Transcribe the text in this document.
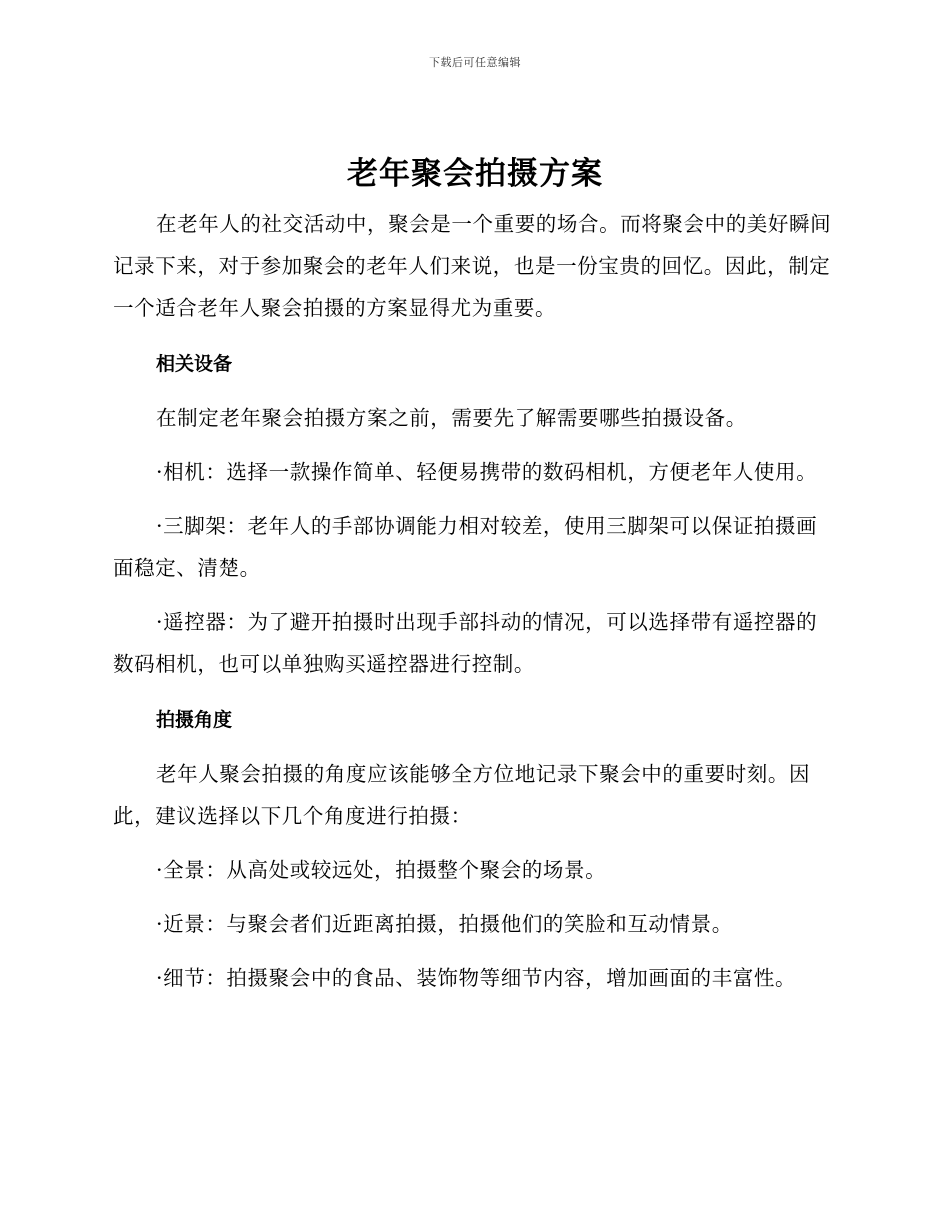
下载后可任意编辑
老年聚会拍摄方案

在老年人的社交活动中，聚会是一个重要的场合。而将聚会中的美好瞬间记录下来，对于参加聚会的老年人们来说，也是一份宝贵的回忆。因此，制定一个适合老年人聚会拍摄的方案显得尤为重要。

相关设备

在制定老年聚会拍摄方案之前，需要先了解需要哪些拍摄设备。

·相机：选择一款操作简单、轻便易携带的数码相机，方便老年人使用。

·三脚架：老年人的手部协调能力相对较差，使用三脚架可以保证拍摄画面稳定、清楚。

·遥控器：为了避开拍摄时出现手部抖动的情况，可以选择带有遥控器的数码相机，也可以单独购买遥控器进行控制。

拍摄角度

老年人聚会拍摄的角度应该能够全方位地记录下聚会中的重要时刻。因此，建议选择以下几个角度进行拍摄：

·全景：从高处或较远处，拍摄整个聚会的场景。

·近景：与聚会者们近距离拍摄，拍摄他们的笑脸和互动情景。

·细节：拍摄聚会中的食品、装饰物等细节内容，增加画面的丰富性。
